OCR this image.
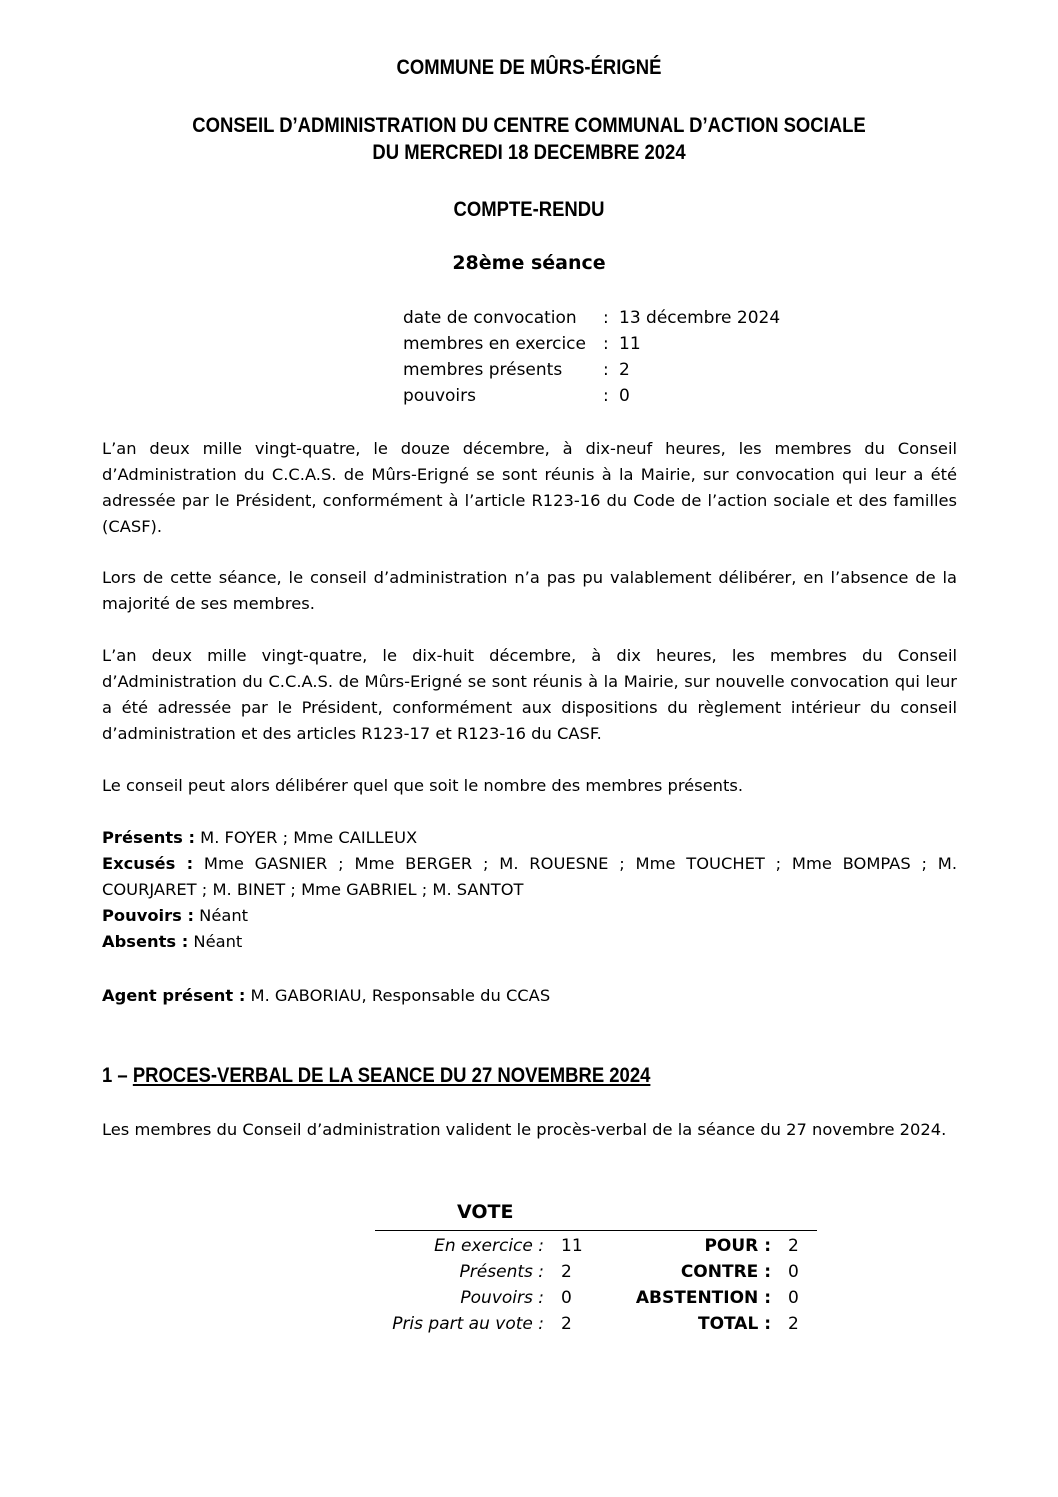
COMMUNE DE MÛRS-ÉRIGNÉ
CONSEIL D’ADMINISTRATION DU CENTRE COMMUNAL D’ACTION SOCIALE
DU MERCREDI 18 DECEMBRE 2024
COMPTE-RENDU
28ème séance
date de convocation	: 13 décembre 2024
membres en exercice	: 11
membres présents	: 2
pouvoirs	: 0
L’an deux mille vingt-quatre, le douze décembre, à dix-neuf heures, les membres du Conseil d’Administration du C.C.A.S. de Mûrs-Erigné se sont réunis à la Mairie, sur convocation qui leur a été adressée par le Président, conformément à l’article R123-16 du Code de l’action sociale et des familles (CASF).
Lors de cette séance, le conseil d’administration n’a pas pu valablement délibérer, en l’absence de la majorité de ses membres.
L’an deux mille vingt-quatre, le dix-huit décembre, à dix heures, les membres du Conseil d’Administration du C.C.A.S. de Mûrs-Erigné se sont réunis à la Mairie, sur nouvelle convocation qui leur a été adressée par le Président, conformément aux dispositions du règlement intérieur du conseil d’administration et des articles R123-17 et R123-16 du CASF.
Le conseil peut alors délibérer quel que soit le nombre des membres présents.
Présents : M. FOYER ; Mme CAILLEUX
Excusés : Mme GASNIER ; Mme BERGER ; M. ROUESNE ; Mme TOUCHET ; Mme BOMPAS ; M. COURJARET ; M. BINET ; Mme GABRIEL ; M. SANTOT
Pouvoirs : Néant
Absents : Néant
Agent présent : M. GABORIAU, Responsable du CCAS
1 – PROCES-VERBAL DE LA SEANCE DU 27 NOVEMBRE 2024
Les membres du Conseil d’administration valident le procès-verbal de la séance du 27 novembre 2024.
VOTE
En exercice : 11	POUR : 2
Présents : 2	CONTRE : 0
Pouvoirs : 0	ABSTENTION : 0
Pris part au vote : 2	TOTAL : 2
